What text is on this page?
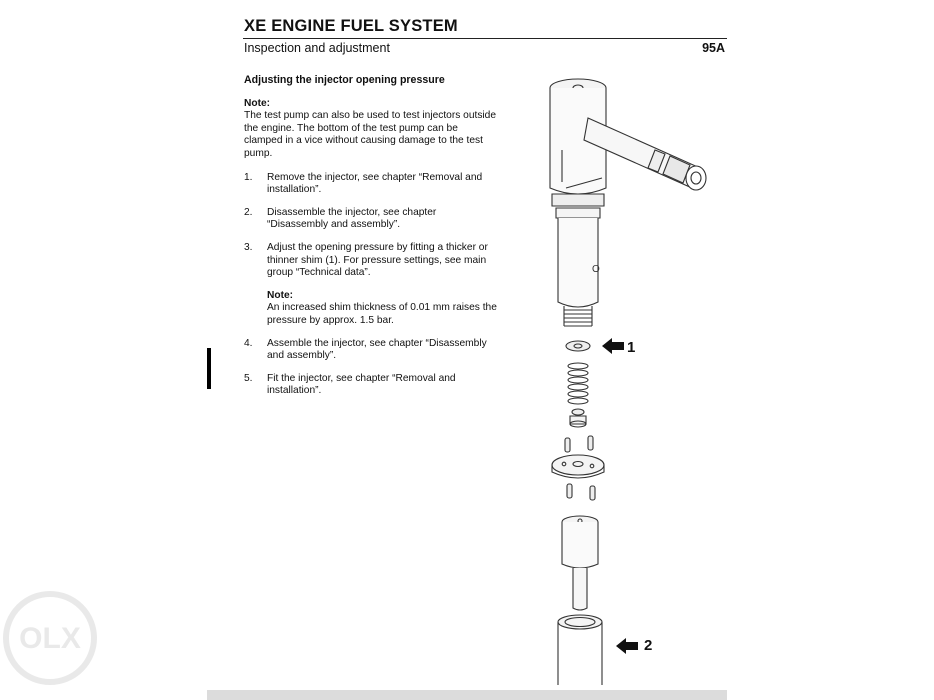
XE ENGINE FUEL SYSTEM
Inspection and adjustment	95A
Adjusting the injector opening pressure
Note:
The test pump can also be used to test injectors outside the engine. The bottom of the test pump can be clamped in a vice without causing damage to the test pump.
1. Remove the injector, see chapter “Removal and installation”.
2. Disassemble the injector, see chapter “Disassembly and assembly”.
3. Adjust the opening pressure by fitting a thicker or thinner shim (1). For pressure settings, see main group “Technical data”.
Note:
An increased shim thickness of 0.01 mm raises the pressure by approx. 1.5 bar.
4. Assemble the injector, see chapter “Disassembly and assembly”.
5. Fit the injector, see chapter “Removal and installation”.
O
1
2
OLX
